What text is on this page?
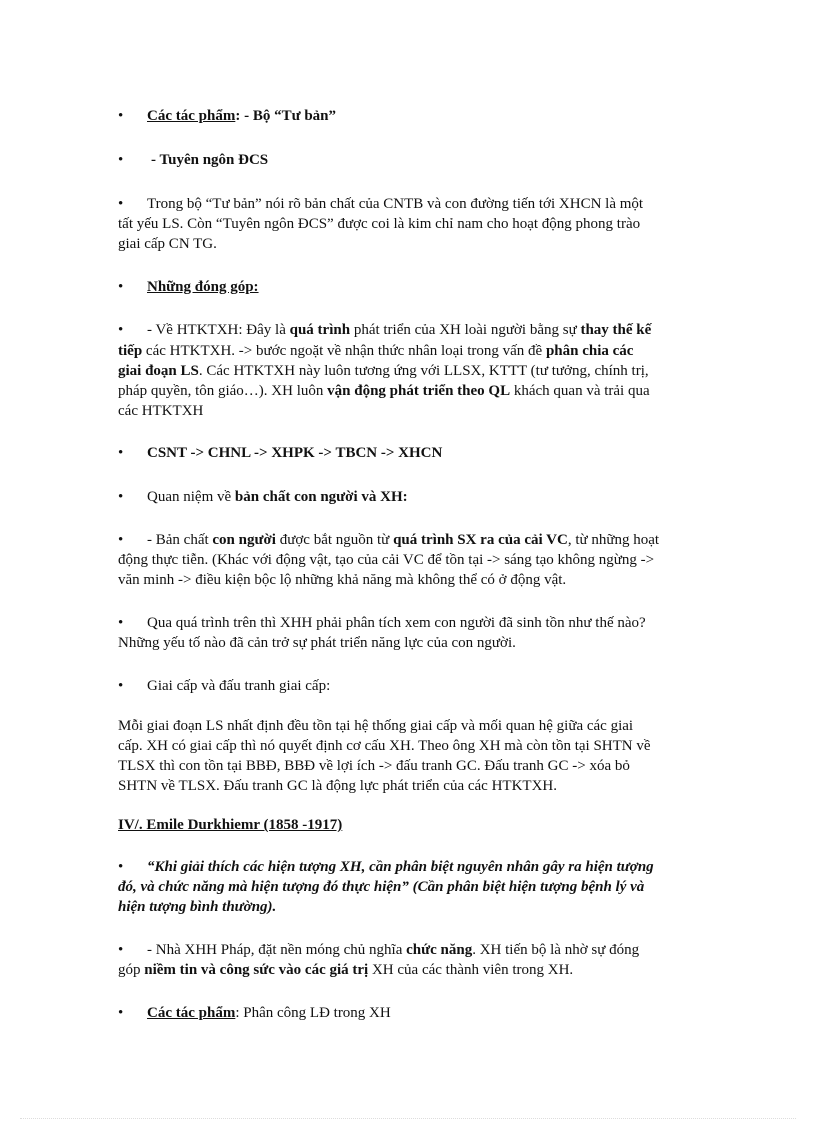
•	Các tác phẩm: - Bộ “Tư bản”
•	- Tuyên ngôn ĐCS
•	Trong bộ “Tư bản” nói rõ bản chất của CNTB và con đường tiến tới XHCN là một
tất yếu LS. Còn “Tuyên ngôn ĐCS” được coi là kim chỉ nam cho hoạt động phong trào
giai cấp CN TG.
•	Những đóng góp:
•	- Về HTKTXH: Đây là quá trình phát triển của XH loài người bằng sự thay thế kế
tiếp các HTKTXH. -> bước ngoặt về nhận thức nhân loại trong vấn đề phân chia các
giai đoạn LS. Các HTKTXH này luôn tương ứng với LLSX, KTTT (tư tưởng, chính trị,
pháp quyền, tôn giáo…). XH luôn vận động phát triển theo QL khách quan và trải qua
các HTKTXH
•	CSNT -> CHNL -> XHPK -> TBCN -> XHCN
•	Quan niệm về bản chất con người và XH:
•	- Bản chất con người được bắt nguồn từ quá trình SX ra của cải VC, từ những hoạt
động thực tiễn. (Khác với động vật, tạo của cải VC để tồn tại -> sáng tạo không ngừng ->
văn minh -> điều kiện bộc lộ những khả năng mà không thể có ở động vật.
•	Qua quá trình trên thì XHH phải phân tích xem con người đã sinh tồn như thế nào?
Những yếu tố nào đã cản trở sự phát triển năng lực của con người.
•	Giai cấp và đấu tranh giai cấp:
Mỗi giai đoạn LS nhất định đều tồn tại hệ thống giai cấp và mối quan hệ giữa các giai
cấp. XH có giai cấp thì nó quyết định cơ cấu XH. Theo ông XH mà còn tồn tại SHTN về
TLSX thì con tồn tại BBĐ, BBĐ về lợi ích -> đấu tranh GC. Đấu tranh GC -> xóa bỏ
SHTN về TLSX. Đấu tranh GC là động lực phát triển của các HTKTXH.
IV/. Emile Durkhiemr (1858 -1917)
•	“Khi giải thích các hiện tượng XH, cần phân biệt nguyên nhân gây ra hiện tượng
đó, và chức năng mà hiện tượng đó thực hiện” (Cần phân biệt hiện tượng bệnh lý và
hiện tượng bình thường).
•	- Nhà XHH Pháp, đặt nền móng chủ nghĩa chức năng. XH tiến bộ là nhờ sự đóng
góp niềm tin và công sức vào các giá trị XH của các thành viên trong XH.
•	Các tác phẩm: Phân công LĐ trong XH
